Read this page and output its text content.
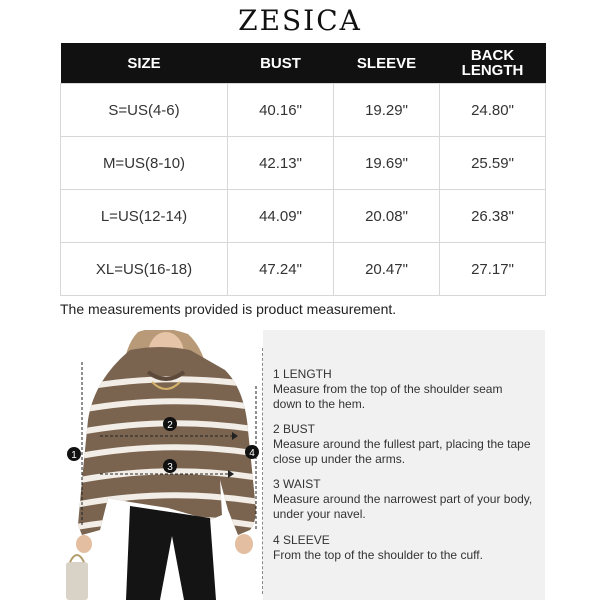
ZESICA
SIZE	BUST	SLEEVE	BACK
LENGTH
S=US(4-6)	40.16"	19.29"	24.80"
M=US(8-10)	42.13"	19.69"	25.59"
L=US(12-14)	44.09"	20.08"	26.38"
XL=US(16-18)	47.24"	20.47"	27.17"
The measurements provided is product measurement.
1
2
3
4
1 LENGTH
Measure from the top of the shoulder seam down to the hem.
2 BUST
Measure around the fullest part, placing the tape close up under the arms.
3 WAIST
Measure around the narrowest part of your body, under your navel.
4 SLEEVE
From the top of the shoulder to the cuff.
